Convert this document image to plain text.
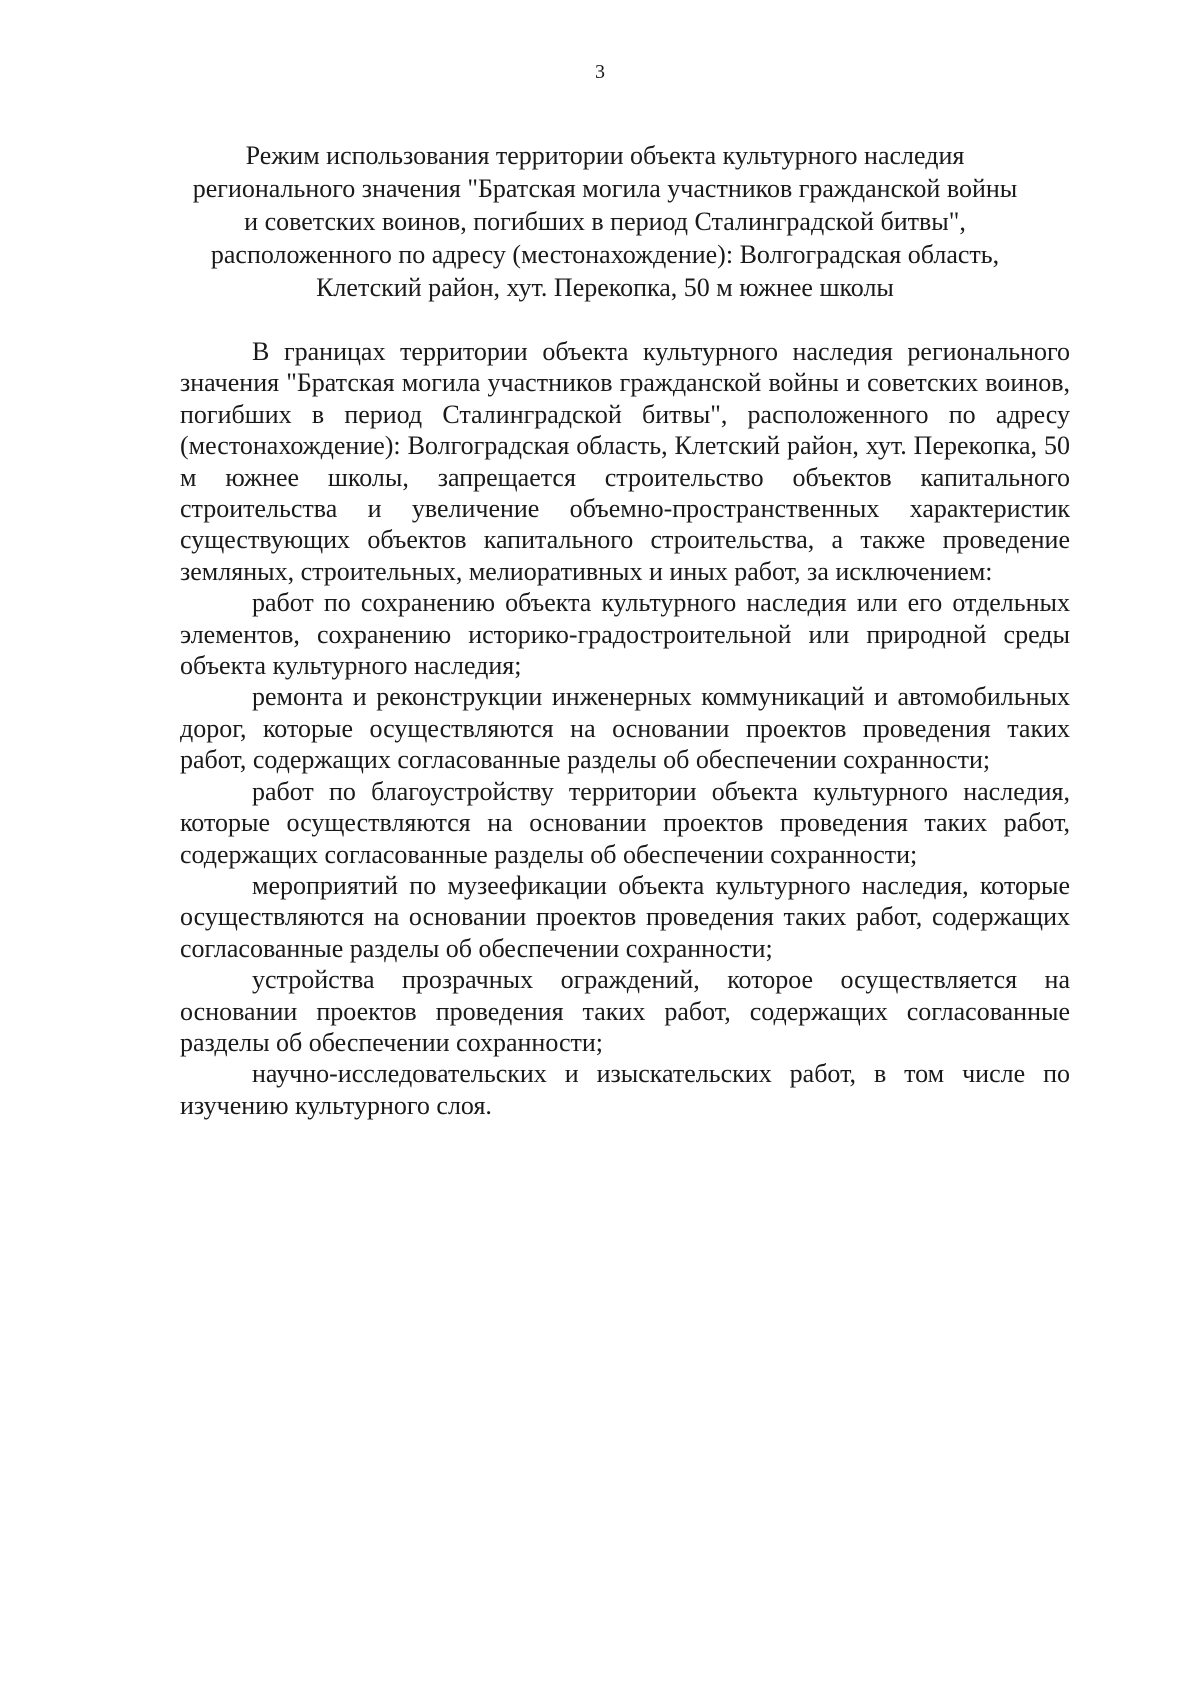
3
Режим использования территории объекта культурного наследия
регионального значения "Братская могила участников гражданской войны
и советских воинов, погибших в период Сталинградской битвы",
расположенного по адресу (местонахождение): Волгоградская область,
Клетский район, хут. Перекопка, 50 м южнее школы

В границах территории объекта культурного наследия регионального значения "Братская могила участников гражданской войны и советских воинов, погибших в период Сталинградской битвы", расположенного по адресу (местонахождение): Волгоградская область, Клетский район, хут. Перекопка, 50 м южнее школы, запрещается строительство объектов капитального строительства и увеличение объемно-пространственных характеристик существующих объектов капитального строительства, а также проведение земляных, строительных, мелиоративных и иных работ, за исключением:

работ по сохранению объекта культурного наследия или его отдельных элементов, сохранению историко-градостроительной или природной среды объекта культурного наследия;

ремонта и реконструкции инженерных коммуникаций и автомобильных дорог, которые осуществляются на основании проектов проведения таких работ, содержащих согласованные разделы об обеспечении сохранности;

работ по благоустройству территории объекта культурного наследия, которые осуществляются на основании проектов проведения таких работ, содержащих согласованные разделы об обеспечении сохранности;

мероприятий по музеефикации объекта культурного наследия, которые осуществляются на основании проектов проведения таких работ, содержащих согласованные разделы об обеспечении сохранности;

устройства прозрачных ограждений, которое осуществляется на основании проектов проведения таких работ, содержащих согласованные разделы об обеспечении сохранности;

научно-исследовательских и изыскательских работ, в том числе по изучению культурного слоя.
